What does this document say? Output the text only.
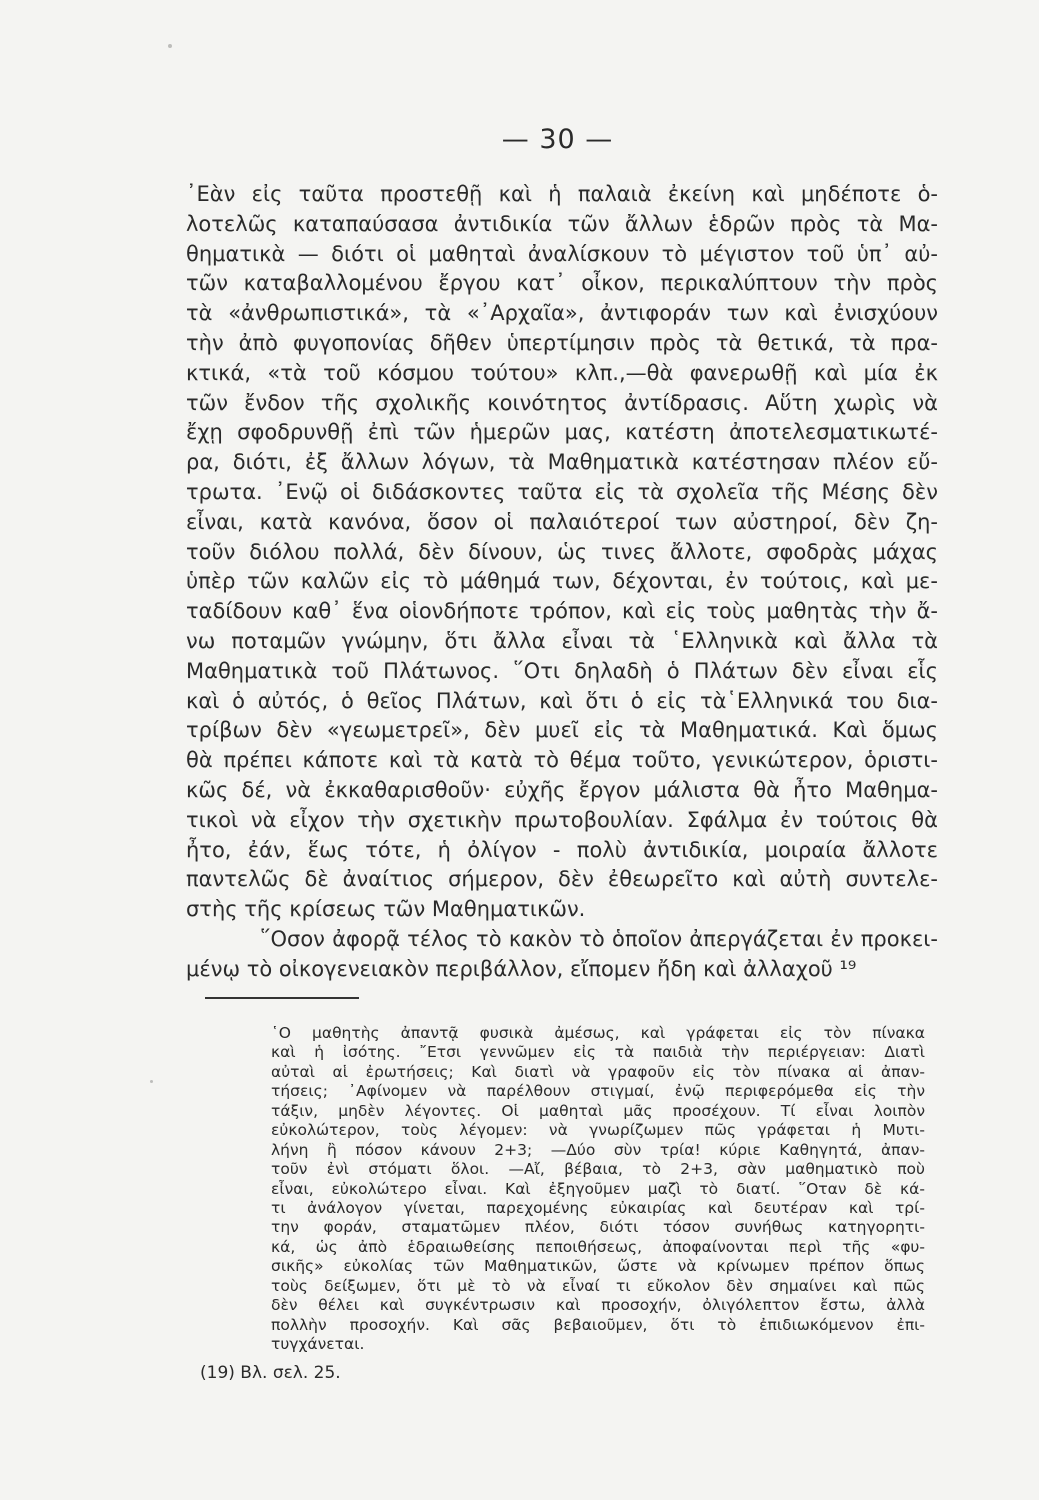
— 30 —
᾿Εὰν εἰς ταῦτα προστεθῇ καὶ ἡ παλαιὰ ἐκείνη καὶ μηδέποτε ὁ-
λοτελῶς καταπαύσασα ἀντιδικία τῶν ἄλλων ἑδρῶν πρὸς τὰ Μα-
θηματικὰ — διότι οἱ μαθηταὶ ἀναλίσκουν τὸ μέγιστον τοῦ ὑπ᾿ αὐ-
τῶν καταβαλλομένου ἔργου κατ᾿ οἶκον, περικαλύπτουν τὴν πρὸς
τὰ «ἀνθρωπιστικά», τὰ «᾿Αρχαῖα», ἀντιφοράν των καὶ ἐνισχύουν
τὴν ἀπὸ φυγοπονίας δῆθεν ὑπερτίμησιν πρὸς τὰ θετικά, τὰ πρα-
κτικά, «τὰ τοῦ κόσμου τούτου» κλπ.,—θὰ φανερωθῇ καὶ μία ἐκ
τῶν ἔνδον τῆς σχολικῆς κοινότητος ἀντίδρασις. Αὕτη χωρὶς νὰ
ἔχῃ σφοδρυνθῇ ἐπὶ τῶν ἡμερῶν μας, κατέστη ἀποτελεσματικωτέ-
ρα, διότι, ἐξ ἄλλων λόγων, τὰ Μαθηματικὰ κατέστησαν πλέον εὔ-
τρωτα. ᾿Ενῷ οἱ διδάσκοντες ταῦτα εἰς τὰ σχολεῖα τῆς Μέσης δὲν
εἶναι, κατὰ κανόνα, ὅσον οἱ παλαιότεροί των αὐστηροί, δὲν ζη-
τοῦν διόλου πολλά, δὲν δίνουν, ὡς τινες ἄλλοτε, σφοδρὰς μάχας
ὑπὲρ τῶν καλῶν εἰς τὸ μάθημά των, δέχονται, ἐν τούτοις, καὶ με-
ταδίδουν καθ᾿ ἕνα οἱονδήποτε τρόπον, καὶ εἰς τοὺς μαθητὰς τὴν ἄ-
νω ποταμῶν γνώμην, ὅτι ἄλλα εἶναι τὰ ῾Ελληνικὰ καὶ ἄλλα τὰ
Μαθηματικὰ τοῦ Πλάτωνος. ῞Οτι δηλαδὴ ὁ Πλάτων δὲν εἶναι εἷς
καὶ ὁ αὐτός, ὁ θεῖος Πλάτων, καὶ ὅτι ὁ εἰς τὰ῾Ελληνικά του δια-
τρίβων δὲν «γεωμετρεῖ», δὲν μυεῖ εἰς τὰ Μαθηματικά. Καὶ ὅμως
θὰ πρέπει κάποτε καὶ τὰ κατὰ τὸ θέμα τοῦτο, γενικώτερον, ὁριστι-
κῶς δέ, νὰ ἐκκαθαρισθοῦν· εὐχῆς ἔργον μάλιστα θὰ ἦτο Μαθημα-
τικοὶ νὰ εἶχον τὴν σχετικὴν πρωτοβουλίαν. Σφάλμα ἐν τούτοις θὰ
ἦτο, ἐάν, ἕως τότε, ἡ ὀλίγον - πολὺ ἀντιδικία, μοιραία ἄλλοτε
παντελῶς δὲ ἀναίτιος σήμερον, δὲν ἐθεωρεῖτο καὶ αὐτὴ συντελε-
στὴς τῆς κρίσεως τῶν Μαθηματικῶν.
῞Οσον ἀφορᾷ τέλος τὸ κακὸν τὸ ὁποῖον ἀπεργάζεται ἐν προκει-
μένῳ τὸ οἰκογενειακὸν περιβάλλον, εἴπομεν ἤδη καὶ ἀλλαχοῦ ¹⁹
῾Ο μαθητὴς ἀπαντᾷ φυσικὰ ἀμέσως, καὶ γράφεται εἰς τὸν πίνακα
καὶ ἡ ἰσότης. ῎Ετσι γεννῶμεν εἰς τὰ παιδιὰ τὴν περιέργειαν: Διατὶ
αὐταὶ αἱ ἐρωτήσεις; Καὶ διατὶ νὰ γραφοῦν εἰς τὸν πίνακα αἱ ἀπαν-
τήσεις; ᾿Αφίνομεν νὰ παρέλθουν στιγμαί, ἐνῷ περιφερόμεθα εἰς τὴν
τάξιν, μηδὲν λέγοντες. Οἱ μαθηταὶ μᾶς προσέχουν. Τί εἶναι λοιπὸν
εὐκολώτερον, τοὺς λέγομεν: νὰ γνωρίζωμεν πῶς γράφεται ἡ Μυτι-
λήνη ἢ πόσον κάνουν 2+3; —Δύο σὺν τρία! κύριε Καθηγητά, ἀπαν-
τοῦν ἐνὶ στόματι ὅλοι. —Αἴ, βέβαια, τὸ 2+3, σὰν μαθηματικὸ ποὺ
εἶναι, εὐκολώτερο εἶναι. Καὶ ἐξηγοῦμεν μαζὶ τὸ διατί. ῞Οταν δὲ κά-
τι ἀνάλογον γίνεται, παρεχομένης εὐκαιρίας καὶ δευτέραν καὶ τρί-
την φοράν, σταματῶμεν πλέον, διότι τόσον συνήθως κατηγορητι-
κά, ὡς ἀπὸ ἑδραιωθείσης πεποιθήσεως, ἀποφαίνονται περὶ τῆς «φυ-
σικῆς» εὐκολίας τῶν Μαθηματικῶν, ὥστε νὰ κρίνωμεν πρέπον ὅπως
τοὺς δείξωμεν, ὅτι μὲ τὸ νὰ εἶναί τι εὔκολον δὲν σημαίνει καὶ πῶς
δὲν θέλει καὶ συγκέντρωσιν καὶ προσοχήν, ὀλιγόλεπτον ἔστω, ἀλλὰ
πολλὴν προσοχήν. Καὶ σᾶς βεβαιοῦμεν, ὅτι τὸ ἐπιδιωκόμενον ἐπι-
τυγχάνεται.
(19) Βλ. σελ. 25.
